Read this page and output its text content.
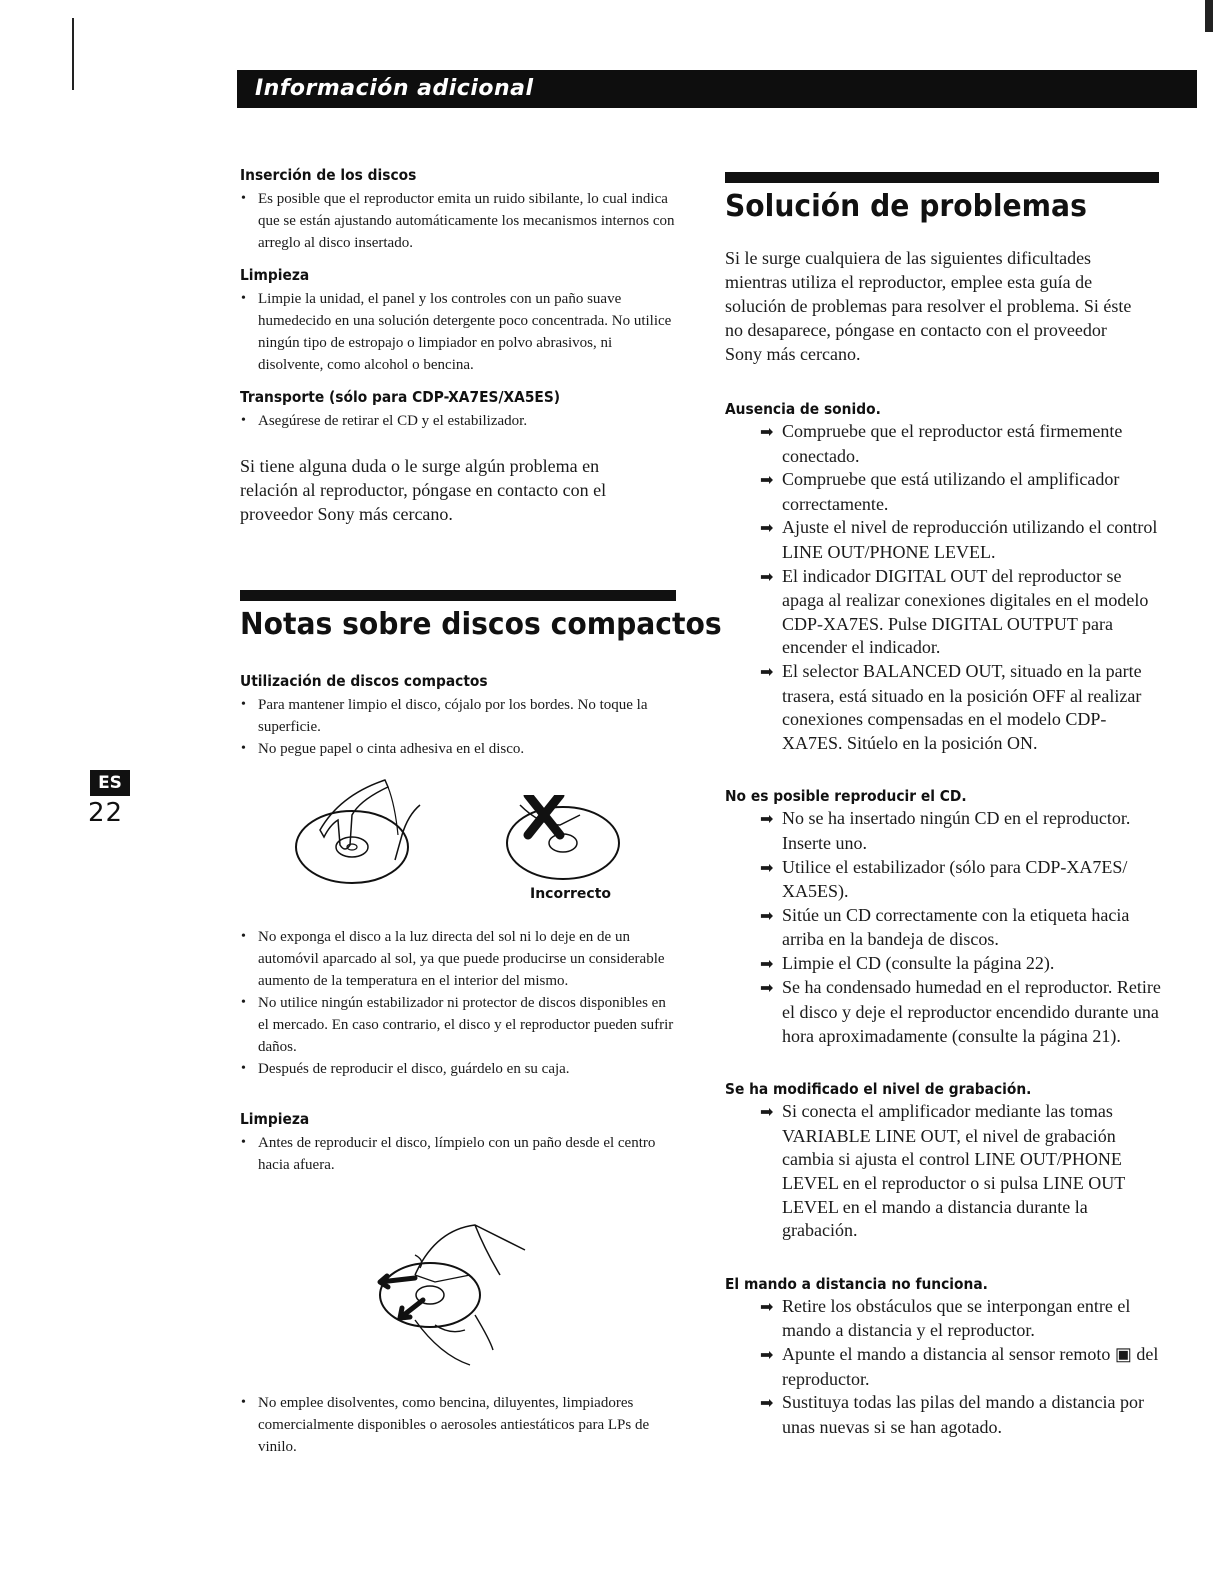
Información adicional
ES
22
Inserción de los discos
• Es posible que el reproductor emita un ruido sibilante, lo cual indica que se están ajustando automáticamente los mecanismos internos con arreglo al disco insertado.
Limpieza
• Limpie la unidad, el panel y los controles con un paño suave humedecido en una solución detergente poco concentrada. No utilice ningún tipo de estropajo o limpiador en polvo abrasivos, ni disolvente, como alcohol o bencina.
Transporte (sólo para CDP-XA7ES/XA5ES)
• Asegúrese de retirar el CD y el estabilizador.

Si tiene alguna duda o le surge algún problema en relación al reproductor, póngase en contacto con el proveedor Sony más cercano.

Notas sobre discos compactos
Utilización de discos compactos
• Para mantener limpio el disco, cójalo por los bordes. No toque la superficie.
• No pegue papel o cinta adhesiva en el disco.
Incorrecto
• No exponga el disco a la luz directa del sol ni lo deje en de un automóvil aparcado al sol, ya que puede producirse un considerable aumento de la temperatura en el interior del mismo.
• No utilice ningún estabilizador ni protector de discos disponibles en el mercado. En caso contrario, el disco y el reproductor pueden sufrir daños.
• Después de reproducir el disco, guárdelo en su caja.
Limpieza
• Antes de reproducir el disco, límpielo con un paño desde el centro hacia afuera.
• No emplee disolventes, como bencina, diluyentes, limpiadores comercialmente disponibles o aerosoles antiestáticos para LPs de vinilo.
Solución de problemas

Si le surge cualquiera de las siguientes dificultades mientras utiliza el reproductor, emplee esta guía de solución de problemas para resolver el problema. Si éste no desaparece, póngase en contacto con el proveedor Sony más cercano.

Ausencia de sonido.
➡ Compruebe que el reproductor está firmemente conectado.
➡ Compruebe que está utilizando el amplificador correctamente.
➡ Ajuste el nivel de reproducción utilizando el control LINE OUT/PHONE LEVEL.
➡ El indicador DIGITAL OUT del reproductor se apaga al realizar conexiones digitales en el modelo CDP-XA7ES. Pulse DIGITAL OUTPUT para encender el indicador.
➡ El selector BALANCED OUT, situado en la parte trasera, está situado en la posición OFF al realizar conexiones compensadas en el modelo CDP-XA7ES. Sitúelo en la posición ON.
No es posible reproducir el CD.
➡ No se ha insertado ningún CD en el reproductor. Inserte uno.
➡ Utilice el estabilizador (sólo para CDP-XA7ES/ XA5ES).
➡ Sitúe un CD correctamente con la etiqueta hacia arriba en la bandeja de discos.
➡ Limpie el CD (consulte la página 22).
➡ Se ha condensado humedad en el reproductor. Retire el disco y deje el reproductor encendido durante una hora aproximadamente (consulte la página 21).
Se ha modificado el nivel de grabación.
➡ Si conecta el amplificador mediante las tomas VARIABLE LINE OUT, el nivel de grabación cambia si ajusta el control LINE OUT/PHONE LEVEL en el reproductor o si pulsa LINE OUT LEVEL en el mando a distancia durante la grabación.
El mando a distancia no funciona.
➡ Retire los obstáculos que se interpongan entre el mando a distancia y el reproductor.
➡ Apunte el mando a distancia al sensor remoto ▣ del reproductor.
➡ Sustituya todas las pilas del mando a distancia por unas nuevas si se han agotado.
